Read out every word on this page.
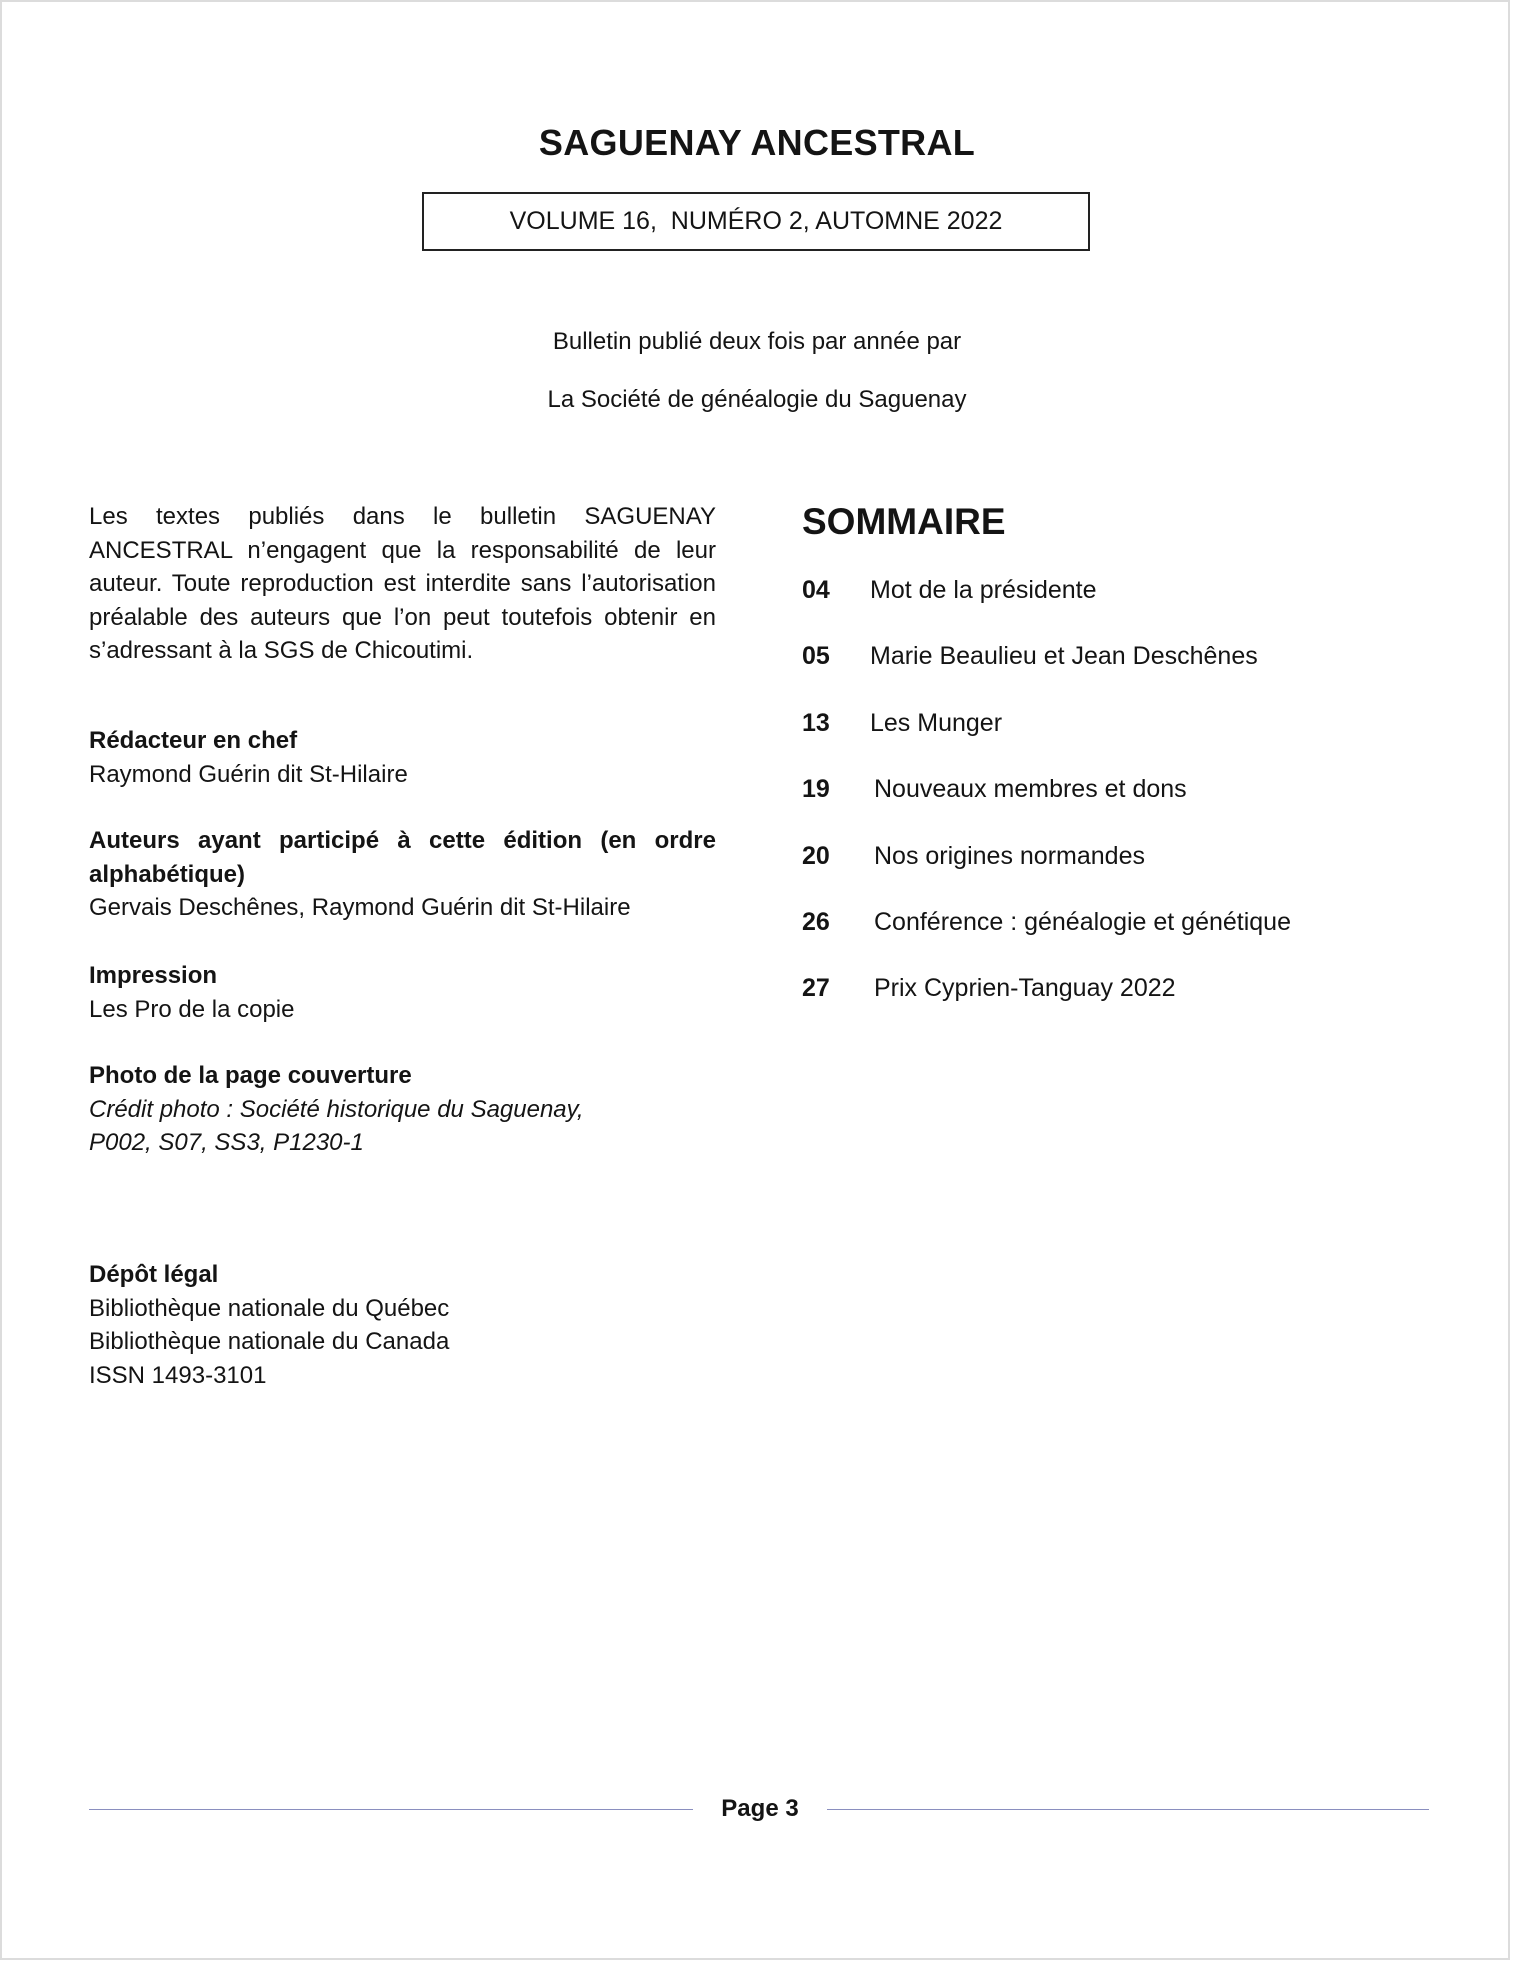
SAGUENAY ANCESTRAL
VOLUME 16,  NUMÉRO 2, AUTOMNE 2022
Bulletin publié deux fois par année par
La Société de généalogie du Saguenay
Les textes publiés dans le bulletin SAGUENAY ANCESTRAL n’engagent que la responsabilité de leur auteur. Toute reproduction est interdite sans l’autorisation préalable des auteurs que l’on peut toutefois obtenir en s’adressant à la SGS de Chicoutimi.
Rédacteur en chef
Raymond Guérin dit St-Hilaire
Auteurs ayant participé à cette édition (en ordre alphabétique)
Gervais Deschênes, Raymond Guérin dit St-Hilaire
Impression
Les Pro de la copie
Photo de la page couverture
Crédit photo : Société historique du Saguenay,
P002, S07, SS3, P1230-1
Dépôt légal
Bibliothèque nationale du Québec
Bibliothèque nationale du Canada
ISSN 1493-3101
SOMMAIRE
04	Mot de la présidente
05	Marie Beaulieu et Jean Deschênes
13	Les Munger
19	Nouveaux membres et dons
20	Nos origines normandes
26	Conférence : généalogie et génétique
27	Prix Cyprien-Tanguay 2022
Page 3
